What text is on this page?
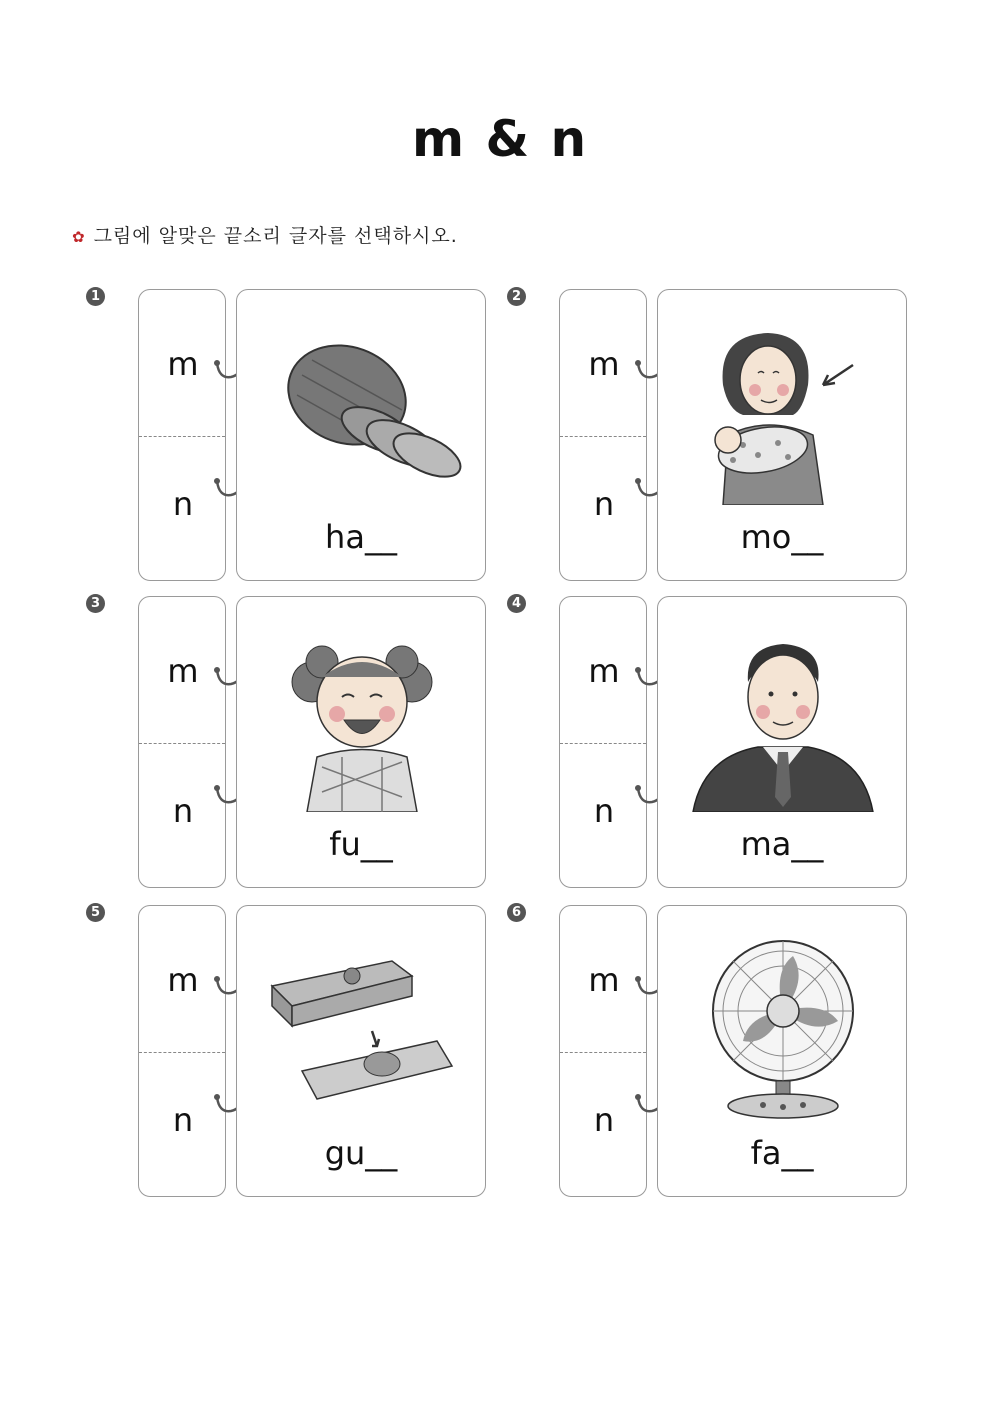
m & n
✿ 그림에 알맞은 끝소리 글자를 선택하시오.
1
m
n
ha__
2
m
n
mo__
3
m
n
fu__
4
m
n
ma__
5
m
n
gu__
6
m
n
fa__
